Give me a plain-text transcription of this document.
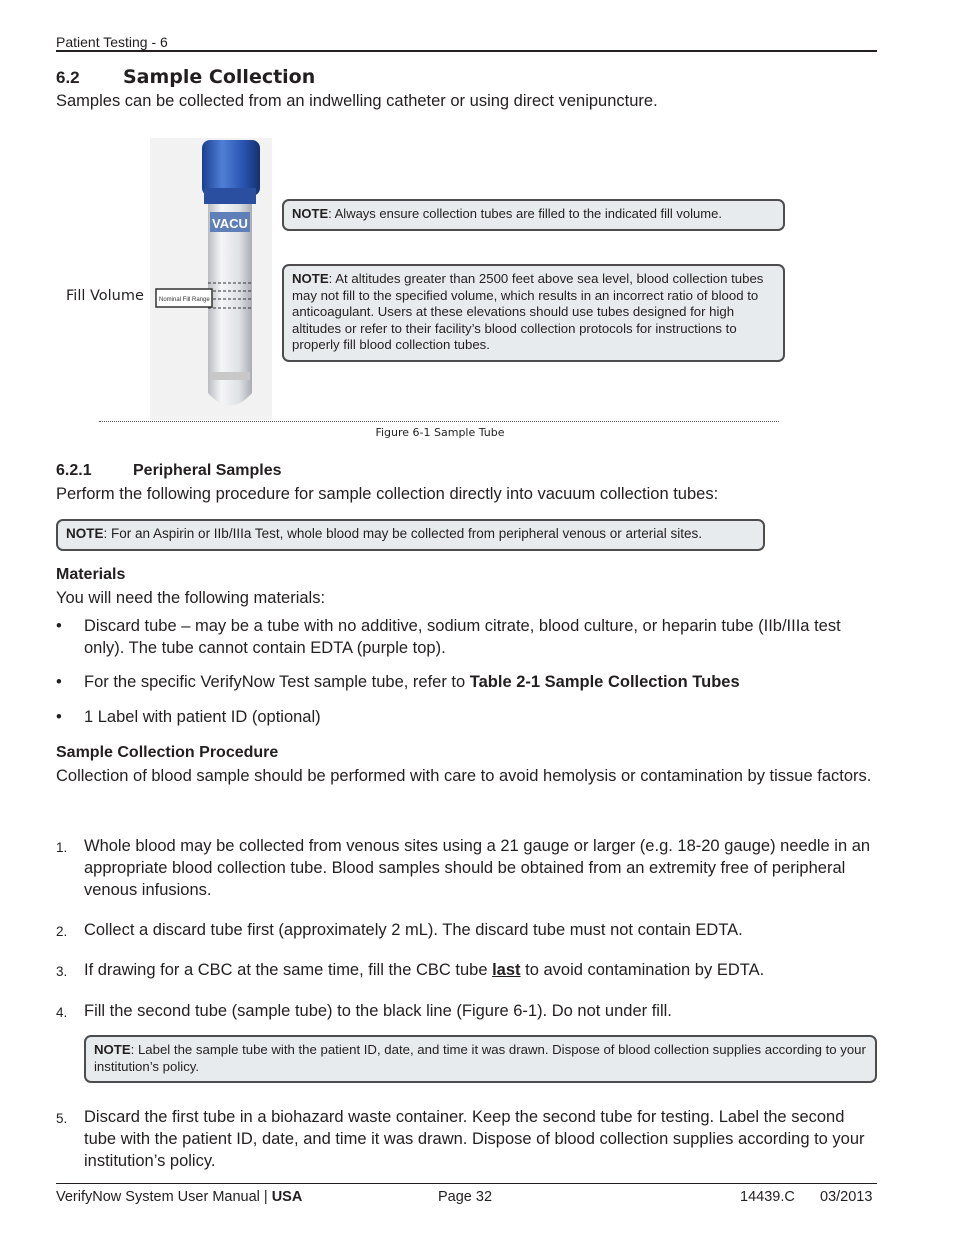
Patient Testing - 6
6.2 Sample Collection
Samples can be collected from an indwelling catheter or using direct venipuncture.
VACU
Nominal Fill Range
Fill Volume
NOTE: Always ensure collection tubes are filled to the indicated fill volume.
NOTE: At altitudes greater than 2500 feet above sea level, blood collection tubes may not fill to the specified volume, which results in an incorrect ratio of blood to anticoagulant. Users at these elevations should use tubes designed for high altitudes or refer to their facility’s blood collection protocols for instructions to properly fill blood collection tubes.
Figure 6-1 Sample Tube
6.2.1	Peripheral Samples
Perform the following procedure for sample collection directly into vacuum collection tubes:
NOTE: For an Aspirin or IIb/IIIa Test, whole blood may be collected from peripheral venous or arterial sites.
Materials
You will need the following materials:
• Discard tube – may be a tube with no additive, sodium citrate, blood culture, or heparin tube (IIb/IIIa test only). The tube cannot contain EDTA (purple top).
• For the specific VerifyNow Test sample tube, refer to Table 2-1 Sample Collection Tubes
• 1 Label with patient ID (optional)
Sample Collection Procedure
Collection of blood sample should be performed with care to avoid hemolysis or contamination by tissue factors.
1. Whole blood may be collected from venous sites using a 21 gauge or larger (e.g. 18-20 gauge) needle in an appropriate blood collection tube. Blood samples should be obtained from an extremity free of peripheral venous infusions.
2. Collect a discard tube first (approximately 2 mL). The discard tube must not contain EDTA.
3. If drawing for a CBC at the same time, fill the CBC tube last to avoid contamination by EDTA.
4. Fill the second tube (sample tube) to the black line (Figure 6-1). Do not under fill.
NOTE: Label the sample tube with the patient ID, date, and time it was drawn. Dispose of blood collection supplies according to your institution’s policy.
5. Discard the first tube in a biohazard waste container. Keep the second tube for testing. Label the second tube with the patient ID, date, and time it was drawn. Dispose of blood collection supplies according to your institution’s policy.
VerifyNow System User Manual | USA	Page 32	14439.C 03/2013
